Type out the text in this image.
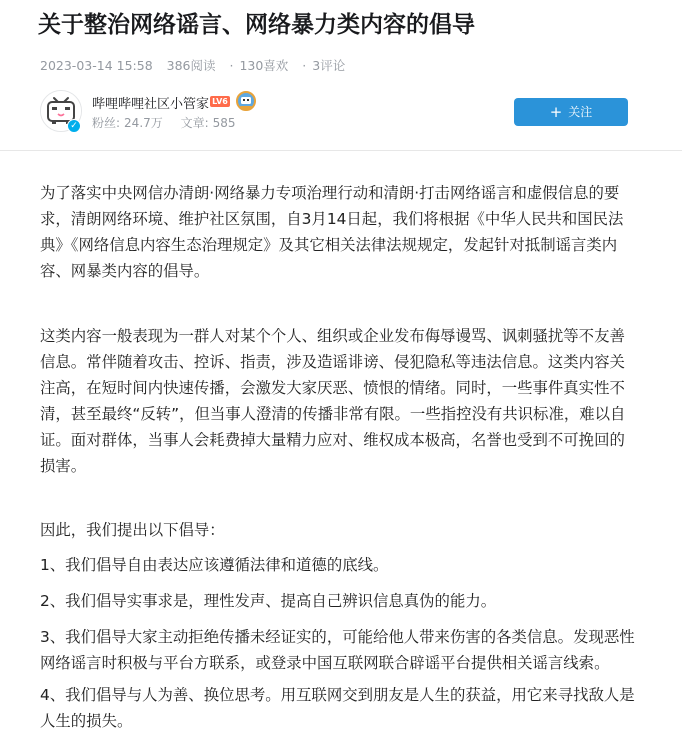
关于整治网络谣言、网络暴力类内容的倡导
2023-03-14 15:58 386阅读 · 130喜欢 · 3评论
✓
哔哩哔哩社区小管家 LV6
粉丝: 24.7万 文章: 585
+ 关注

为了落实中央网信办清朗·网络暴力专项治理行动和清朗·打击网络谣言和虚假信息的要求，清朗网络环境、维护社区氛围，自3月14日起，我们将根据《中华人民共和国民法典》《网络信息内容生态治理规定》及其它相关法律法规规定，发起针对抵制谣言类内容、网暴类内容的倡导。

这类内容一般表现为一群人对某个个人、组织或企业发布侮辱谩骂、讽刺骚扰等不友善信息。常伴随着攻击、控诉、指责，涉及造谣诽谤、侵犯隐私等违法信息。这类内容关注高，在短时间内快速传播，会激发大家厌恶、愤恨的情绪。同时，一些事件真实性不清，甚至最终“反转”，但当事人澄清的传播非常有限。一些指控没有共识标准，难以自证。面对群体，当事人会耗费掉大量精力应对、维权成本极高，名誉也受到不可挽回的损害。

因此，我们提出以下倡导：

1、我们倡导自由表达应该遵循法律和道德的底线。

2、我们倡导实事求是，理性发声、提高自己辨识信息真伪的能力。

3、我们倡导大家主动拒绝传播未经证实的，可能给他人带来伤害的各类信息。发现恶性网络谣言时积极与平台方联系，或登录中国互联网联合辟谣平台提供相关谣言线索。

4、我们倡导与人为善、换位思考。用互联网交到朋友是人生的获益，用它来寻找敌人是人生的损失。
